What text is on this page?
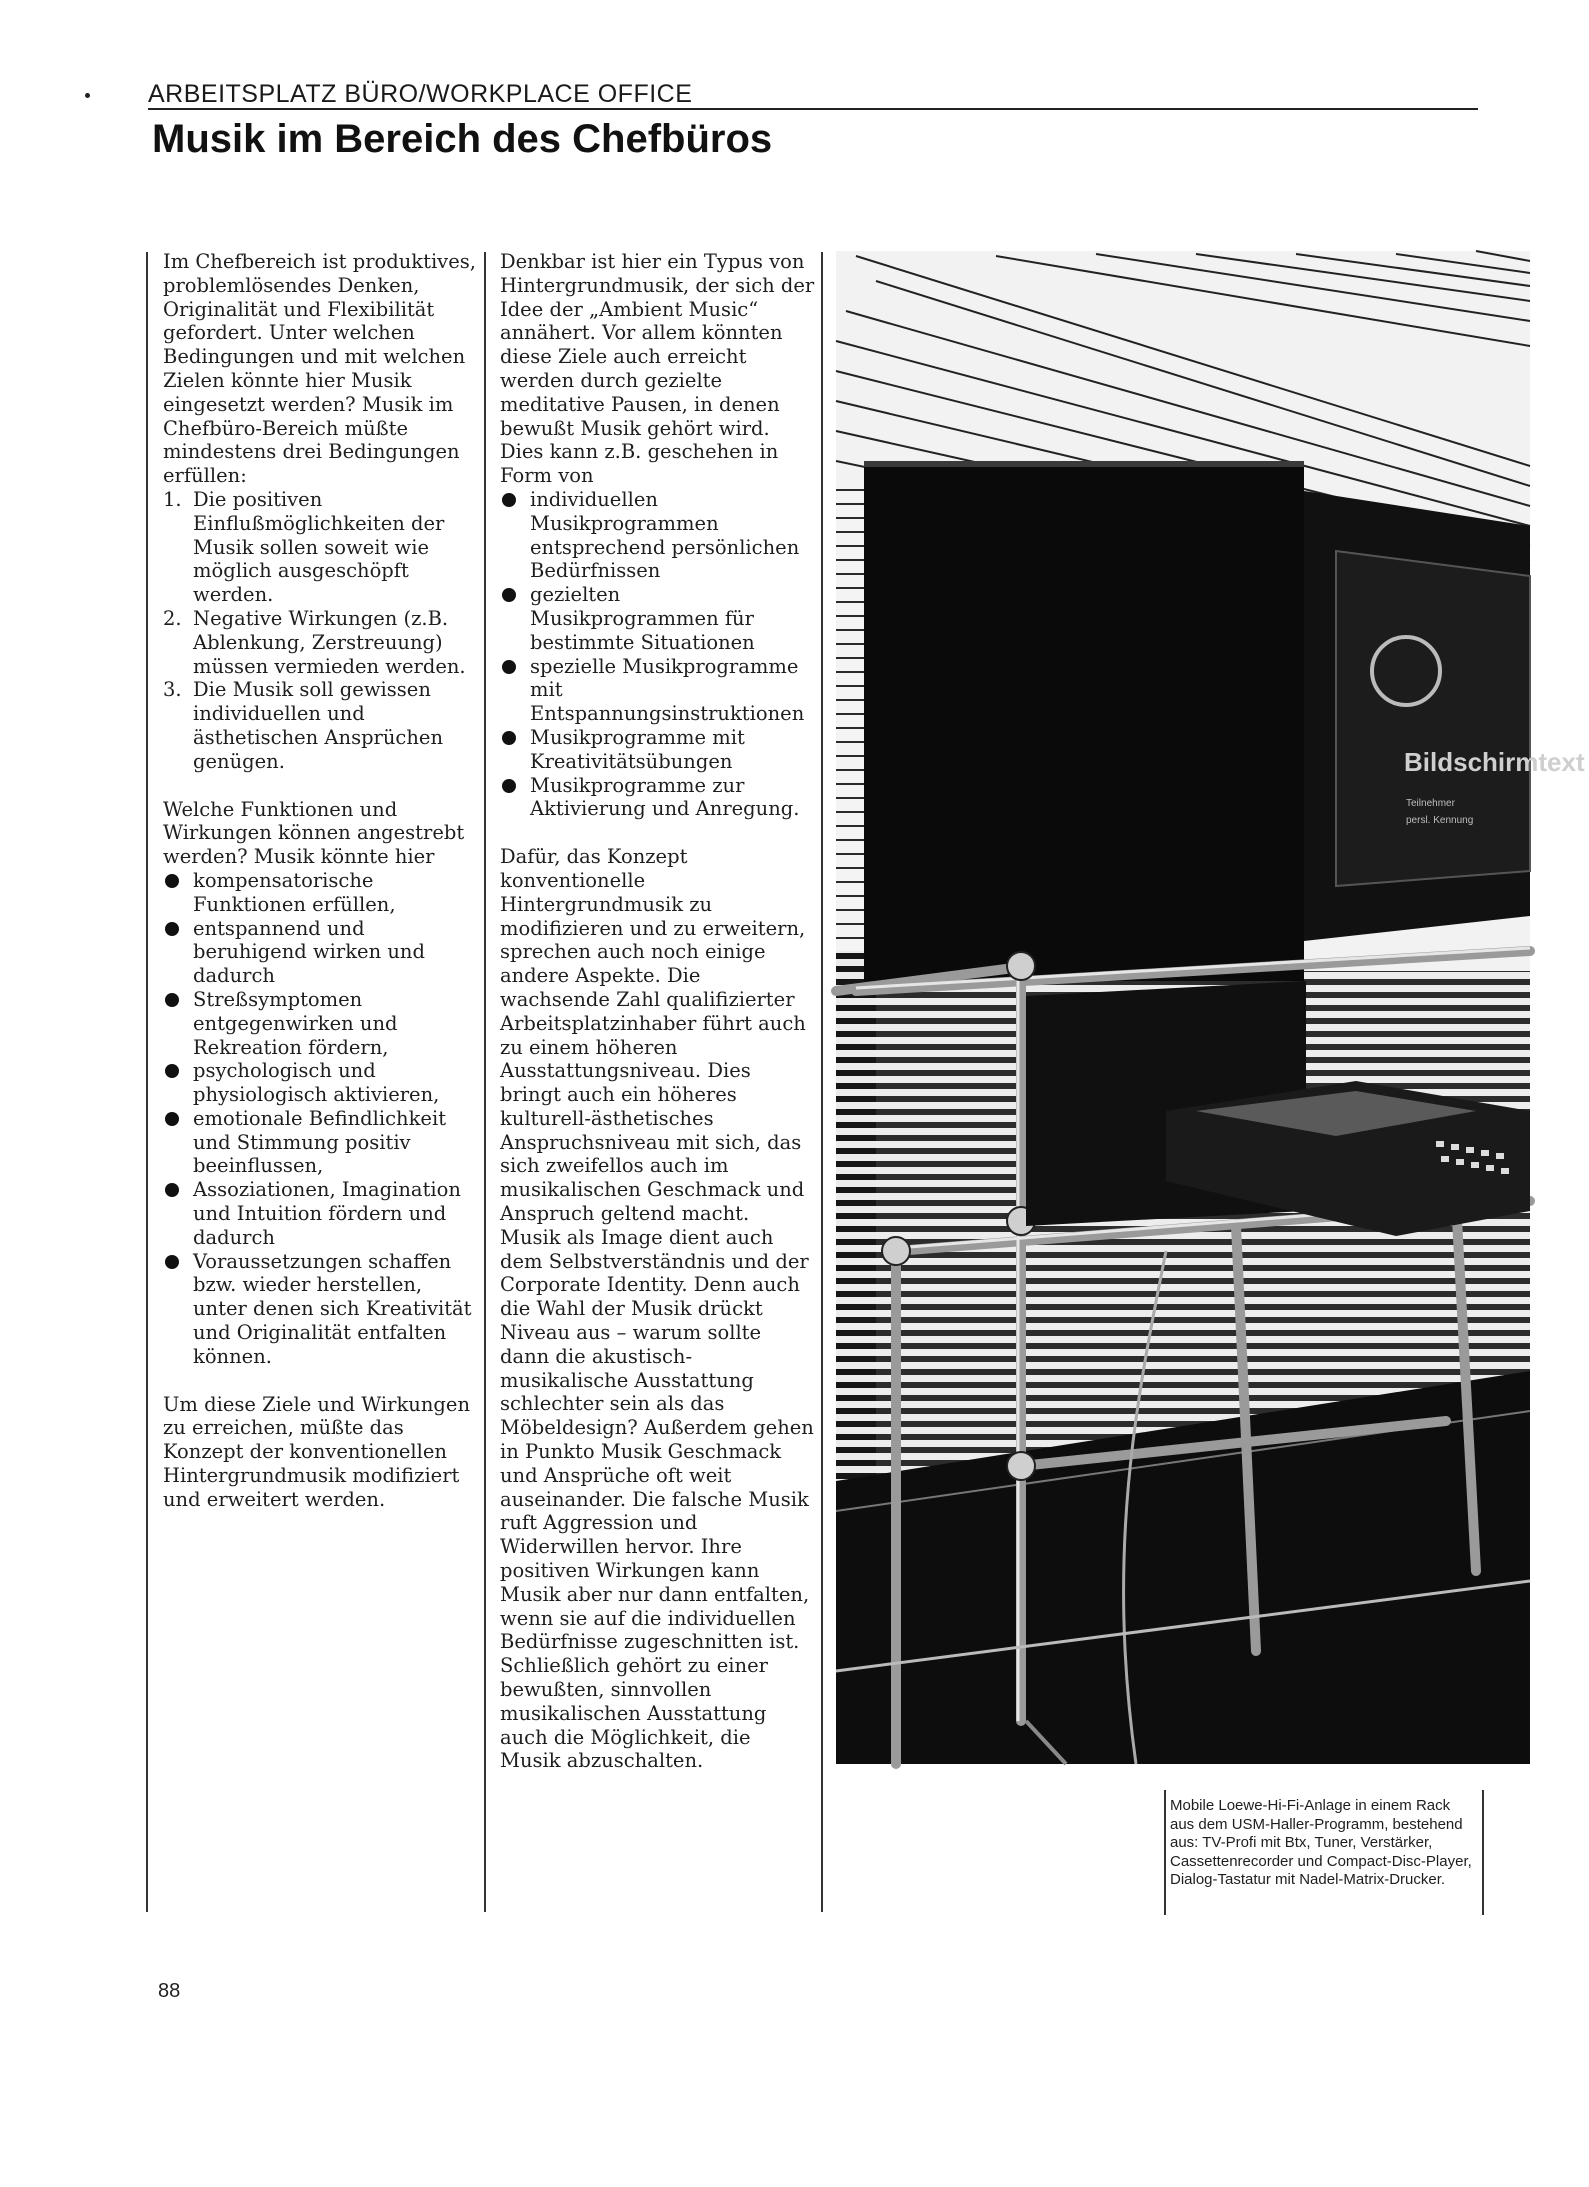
ARBEITSPLATZ BÜRO/WORKPLACE OFFICE
Musik im Bereich des Chefbüros

Im Chefbereich ist produktives, problemlösendes Denken, Originalität und Flexibilität gefordert. Unter welchen Bedingungen und mit welchen Zielen könnte hier Musik eingesetzt werden? Musik im Chefbüro-Bereich müßte mindestens drei Bedingungen erfüllen:

1. Die positiven Einflußmöglichkeiten der Musik sollen soweit wie möglich ausgeschöpft werden.
2. Negative Wirkungen (z.B. Ablenkung, Zerstreuung) müssen vermieden werden.
3. Die Musik soll gewissen individuellen und ästhetischen Ansprüchen genügen.

Welche Funktionen und Wirkungen können angestrebt werden? Musik könnte hier

kompensatorische Funktionen erfüllen,
entspannend und beruhigend wirken und dadurch
Streßsymptomen entgegenwirken und Rekreation fördern,
psychologisch und physiologisch aktivieren,
emotionale Befindlichkeit und Stimmung positiv beeinflussen,
Assoziationen, Imagination und Intuition fördern und dadurch
Voraussetzungen schaffen bzw. wieder herstellen, unter denen sich Kreativität und Originalität entfalten können.

Um diese Ziele und Wirkungen zu erreichen, müßte das Konzept der konventionellen Hintergrundmusik modifiziert und erweitert werden.

Denkbar ist hier ein Typus von Hintergrundmusik, der sich der Idee der „Ambient Music“ annähert. Vor allem könnten diese Ziele auch erreicht werden durch gezielte meditative Pausen, in denen bewußt Musik gehört wird. Dies kann z.B. geschehen in Form von

individuellen Musikprogrammen entsprechend persönlichen Bedürfnissen
gezielten Musikprogrammen für bestimmte Situationen
spezielle Musikprogramme mit Entspannungsinstruktionen
Musikprogramme mit Kreativitätsübungen
Musikprogramme zur Aktivierung und Anregung.

Dafür, das Konzept konventionelle Hintergrundmusik zu modifizieren und zu erweitern, sprechen auch noch einige andere Aspekte. Die wachsende Zahl qualifizierter Arbeitsplatzinhaber führt auch zu einem höheren Ausstattungsniveau. Dies bringt auch ein höheres kulturell-ästhetisches Anspruchsniveau mit sich, das sich zweifellos auch im musikalischen Geschmack und Anspruch geltend macht. Musik als Image dient auch dem Selbstverständnis und der Corporate Identity. Denn auch die Wahl der Musik drückt Niveau aus – warum sollte dann die akustisch-musikalische Ausstattung schlechter sein als das Möbeldesign? Außerdem gehen in Punkto Musik Geschmack und Ansprüche oft weit auseinander. Die falsche Musik ruft Aggression und Widerwillen hervor. Ihre positiven Wirkungen kann Musik aber nur dann entfalten, wenn sie auf die individuellen Bedürfnisse zugeschnitten ist. Schließlich gehört zu einer bewußten, sinnvollen musikalischen Ausstattung auch die Möglichkeit, die Musik abzuschalten.

Bildschirmtext
Teilnehmer
persl. Kennung
Mobile Loewe-Hi-Fi-Anlage in einem Rack aus dem USM-Haller-Programm, bestehend aus: TV-Profi mit Btx, Tuner, Verstärker, Cassettenrecorder und Compact-Disc-Player, Dialog-Tastatur mit Nadel-Matrix-Drucker.
88
